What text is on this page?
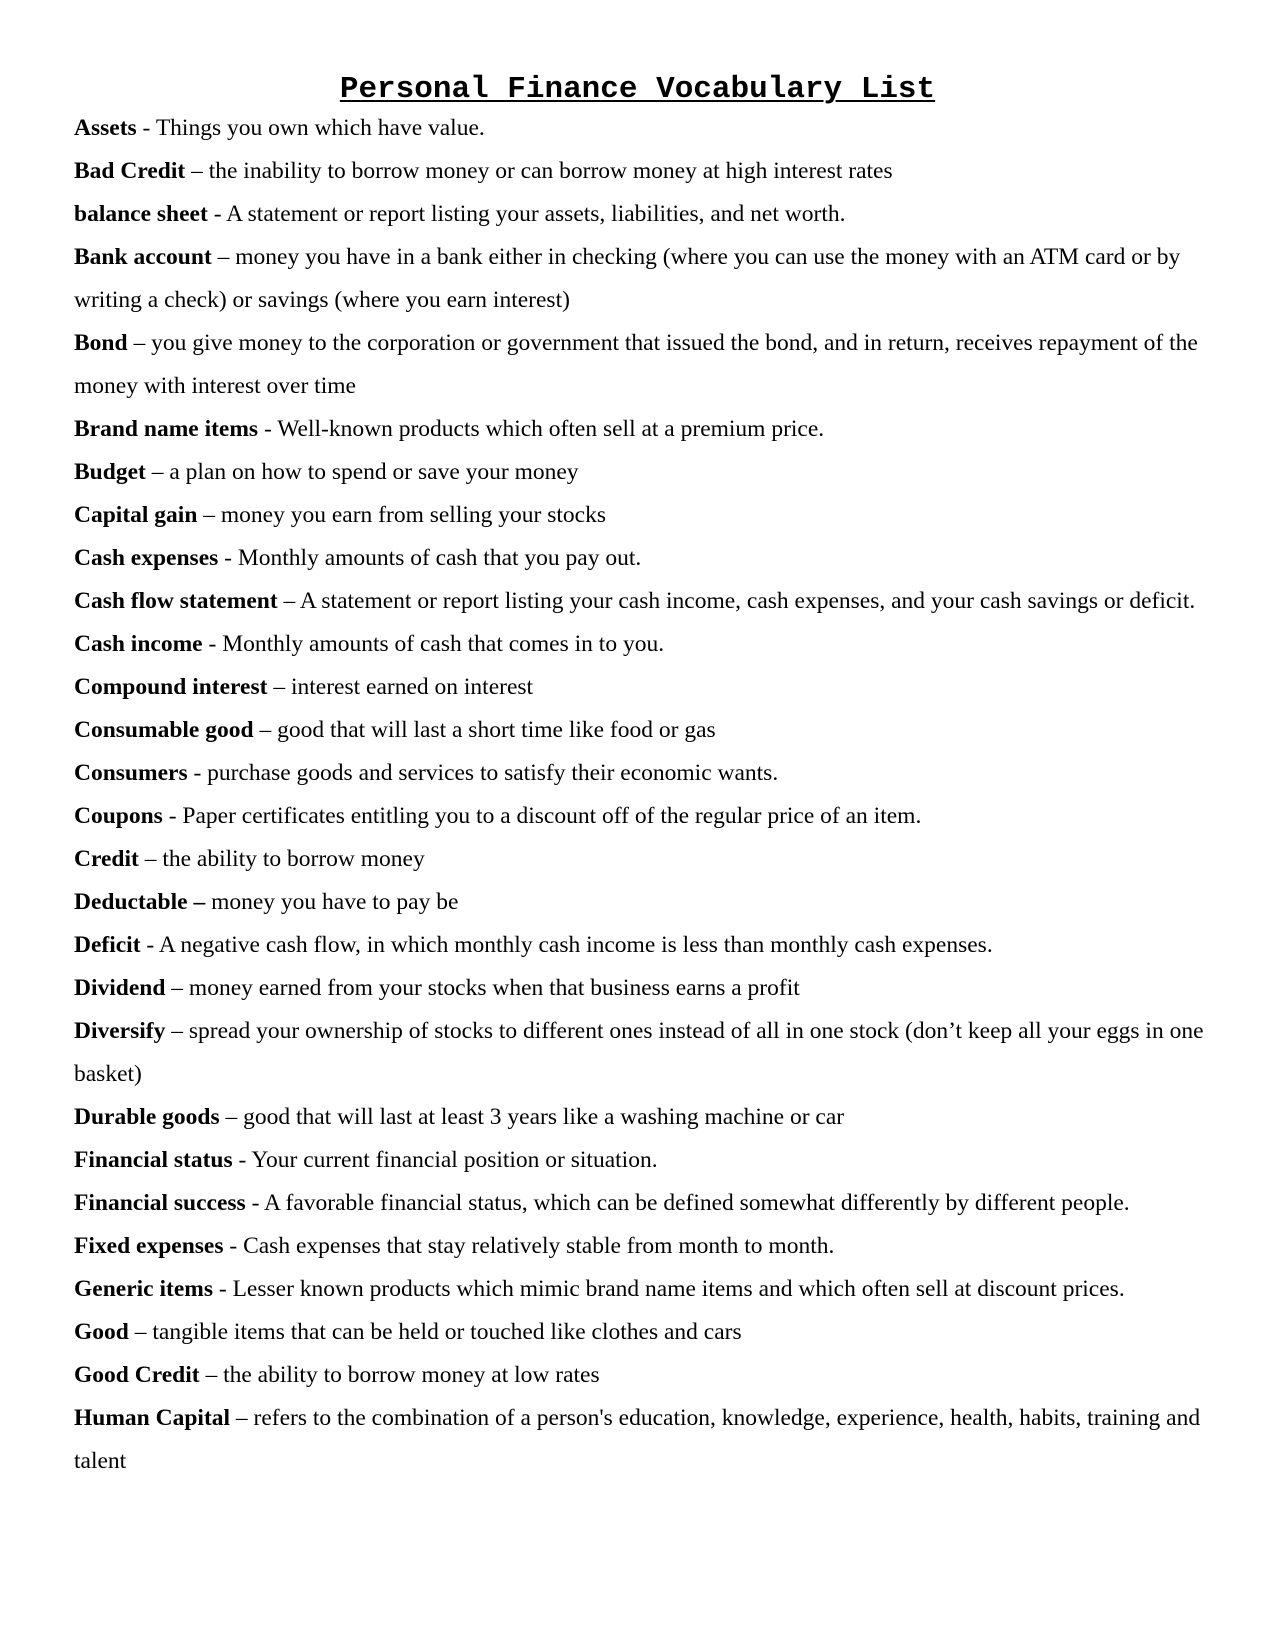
Personal Finance Vocabulary List

Assets - Things you own which have value.

Bad Credit – the inability to borrow money or can borrow money at high interest rates

balance sheet - A statement or report listing your assets, liabilities, and net worth.

Bank account – money you have in a bank either in checking (where you can use the money with an ATM card or by writing a check) or savings (where you earn interest)

Bond – you give money to the corporation or government that issued the bond, and in return, receives repayment of the money with interest over time

Brand name items - Well-known products which often sell at a premium price.

Budget – a plan on how to spend or save your money

Capital gain – money you earn from selling your stocks

Cash expenses - Monthly amounts of cash that you pay out.

Cash flow statement – A statement or report listing your cash income, cash expenses, and your cash savings or deficit.

Cash income - Monthly amounts of cash that comes in to you.

Compound interest – interest earned on interest

Consumable good – good that will last a short time like food or gas

Consumers - purchase goods and services to satisfy their economic wants.

Coupons - Paper certificates entitling you to a discount off of the regular price of an item.

Credit – the ability to borrow money

Deductable – money you have to pay be

Deficit - A negative cash flow, in which monthly cash income is less than monthly cash expenses.

Dividend – money earned from your stocks when that business earns a profit

Diversify – spread your ownership of stocks to different ones instead of all in one stock (don’t keep all your eggs in one basket)

Durable goods – good that will last at least 3 years like a washing machine or car

Financial status - Your current financial position or situation.

Financial success - A favorable financial status, which can be defined somewhat differently by different people.

Fixed expenses - Cash expenses that stay relatively stable from month to month.

Generic items - Lesser known products which mimic brand name items and which often sell at discount prices.

Good – tangible items that can be held or touched like clothes and cars

Good Credit – the ability to borrow money at low rates

Human Capital – refers to the combination of a person's education, knowledge, experience, health, habits, training and talent
